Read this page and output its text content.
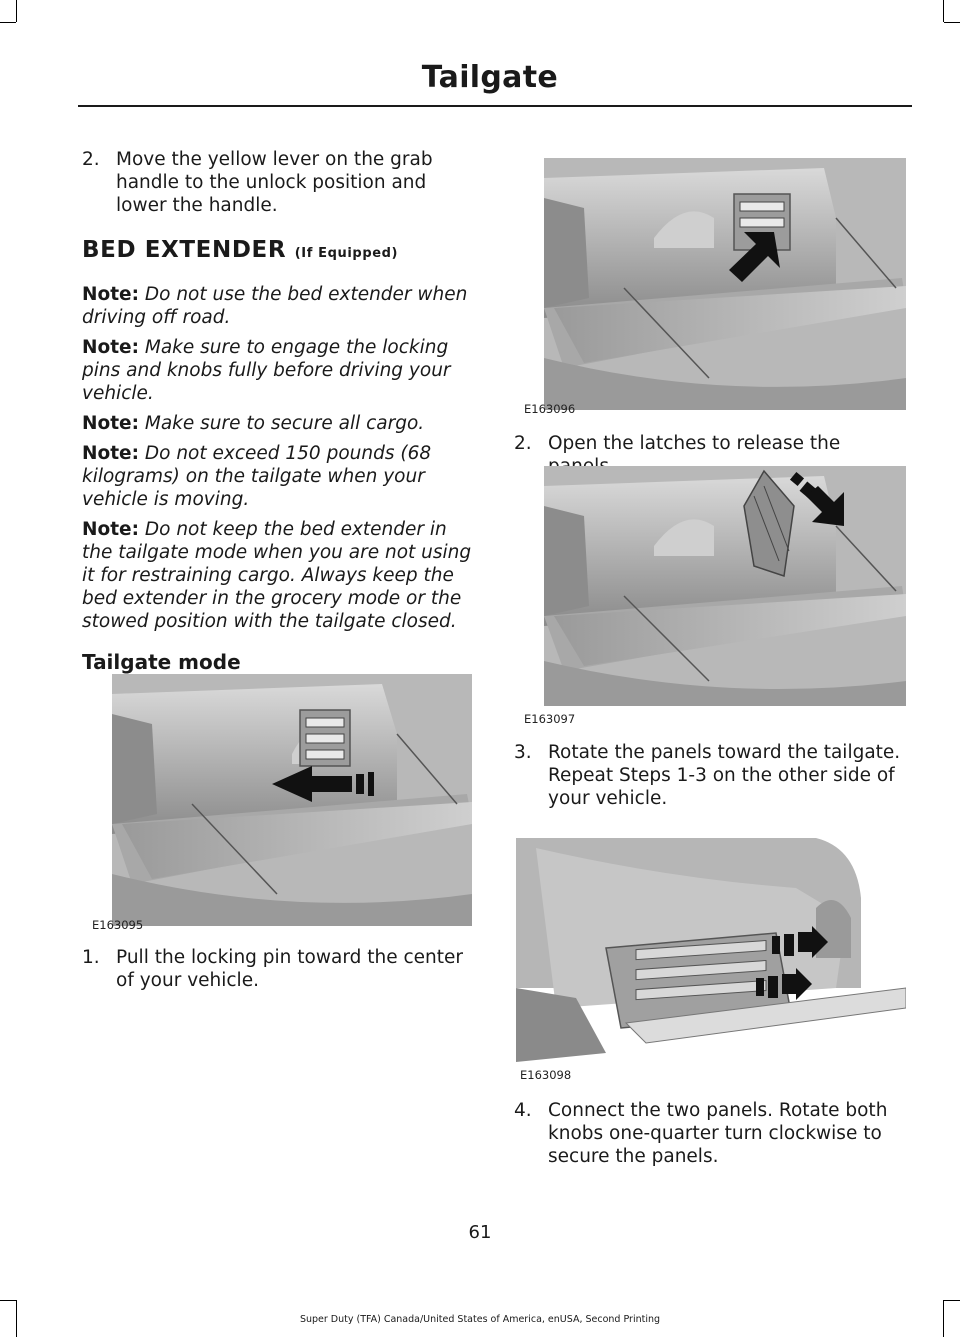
Tailgate
2. Move the yellow lever on the grab handle to the unlock position and lower the handle.
BED EXTENDER (If Equipped)
Note: Do not use the bed extender when driving off road.
Note: Make sure to engage the locking pins and knobs fully before driving your vehicle.
Note: Make sure to secure all cargo.
Note: Do not exceed 150 pounds (68 kilograms) on the tailgate when your vehicle is moving.
Note: Do not keep the bed extender in the tailgate mode when you are not using it for restraining cargo. Always keep the bed extender in the grocery mode or the stowed position with the tailgate closed.
Tailgate mode
E163095
1. Pull the locking pin toward the center of your vehicle.
E163096
2. Open the latches to release the
E163097
3. Rotate the panels toward the tailgate. Repeat Steps 1-3 on the other side of your vehicle.
E163098
4. Connect the two panels. Rotate both knobs one-quarter turn clockwise to secure the panels.
61
Super Duty (TFA) Canada/United States of America, enUSA, Second Printing
